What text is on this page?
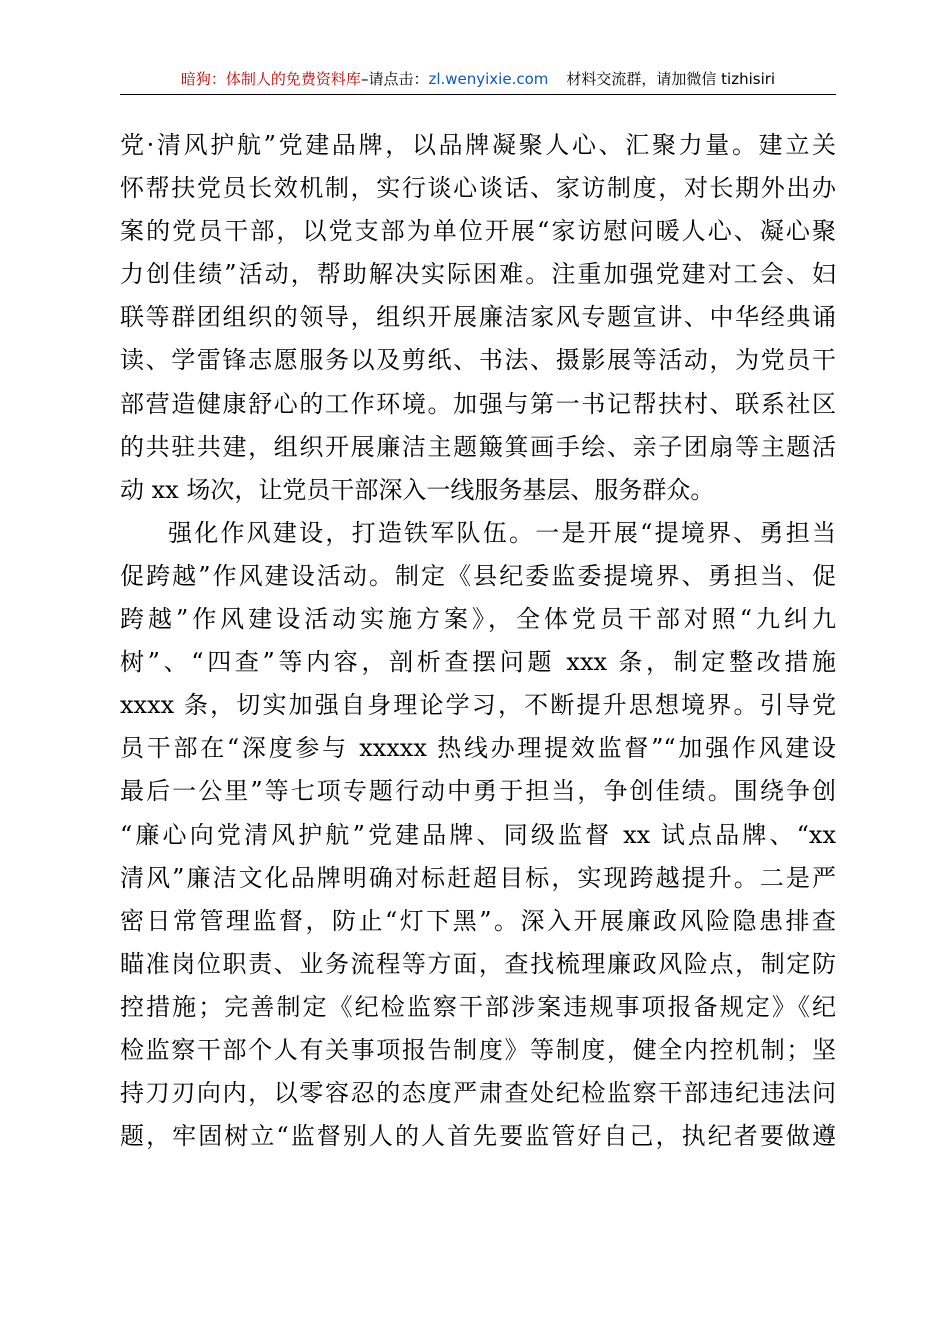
暗狗：体制人的免费资料库–请点击：zl.wenyixie.com 材料交流群，请加微信 tizhisiri
党·清风护航”党建品牌，以品牌凝聚人心、汇聚力量。建立关
怀帮扶党员长效机制，实行谈心谈话、家访制度，对长期外出办
案的党员干部，以党支部为单位开展“家访慰问暖人心、凝心聚
力创佳绩”活动，帮助解决实际困难。注重加强党建对工会、妇
联等群团组织的领导，组织开展廉洁家风专题宣讲、中华经典诵
读、学雷锋志愿服务以及剪纸、书法、摄影展等活动，为党员干
部营造健康舒心的工作环境。加强与第一书记帮扶村、联系社区
的共驻共建，组织开展廉洁主题簸箕画手绘、亲子团扇等主题活
动 xx 场次，让党员干部深入一线服务基层、服务群众。
强化作风建设，打造铁军队伍。一是开展“提境界、勇担当
促跨越”作风建设活动。制定《县纪委监委提境界、勇担当、促
跨越”作风建设活动实施方案》，全体党员干部对照“九纠九
树”、“四查”等内容，剖析查摆问题 xxx 条，制定整改措施
xxxx 条，切实加强自身理论学习，不断提升思想境界。引导党
员干部在“深度参与 xxxxx 热线办理提效监督”“加强作风建设
最后一公里”等七项专题行动中勇于担当，争创佳绩。围绕争创
“廉心向党清风护航”党建品牌、同级监督 xx 试点品牌、“xx
清风”廉洁文化品牌明确对标赶超目标，实现跨越提升。二是严
密日常管理监督，防止“灯下黑”。深入开展廉政风险隐患排查
瞄准岗位职责、业务流程等方面，查找梳理廉政风险点，制定防
控措施；完善制定《纪检监察干部涉案违规事项报备规定》《纪
检监察干部个人有关事项报告制度》等制度，健全内控机制；坚
持刀刃向内，以零容忍的态度严肃查处纪检监察干部违纪违法问
题，牢固树立“监督别人的人首先要监管好自己，执纪者要做遵
